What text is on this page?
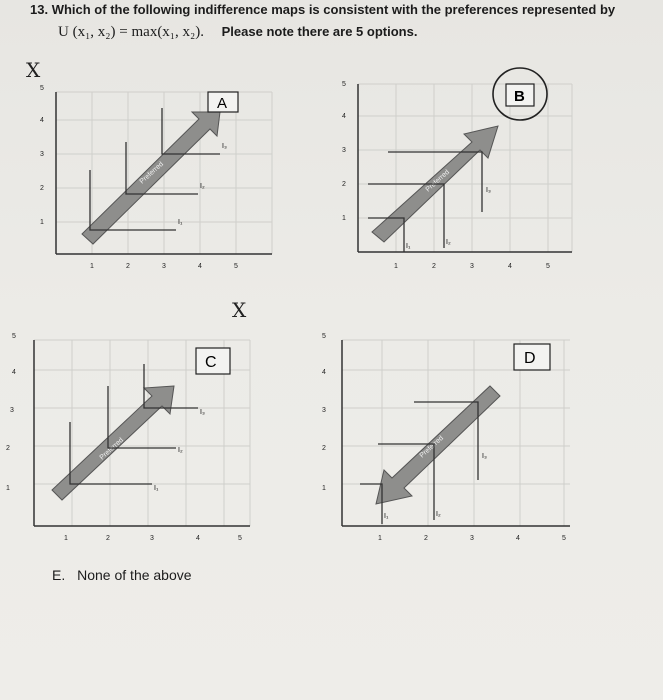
13. Which of the following indifference maps is consistent with the preferences represented by
U (x₁, x₂) = max(x₁, x₂). Please note there are 5 options.
X
X
Preferred
I₁
I₂
I₃
1	2	3	4	5
1
2
3
4
5
A
Preferred
I₁
I₂
I₃
1	2	3	4	5
1
2
3
4
5
B
Preferred
I₁
I₂
I₃
1	2	3	4	5
1
2
3
4
5
C
Preferred
I₁	I₂
I₃
1	2	3	4	5
1
2
3
4
5
D
E. None of the above
